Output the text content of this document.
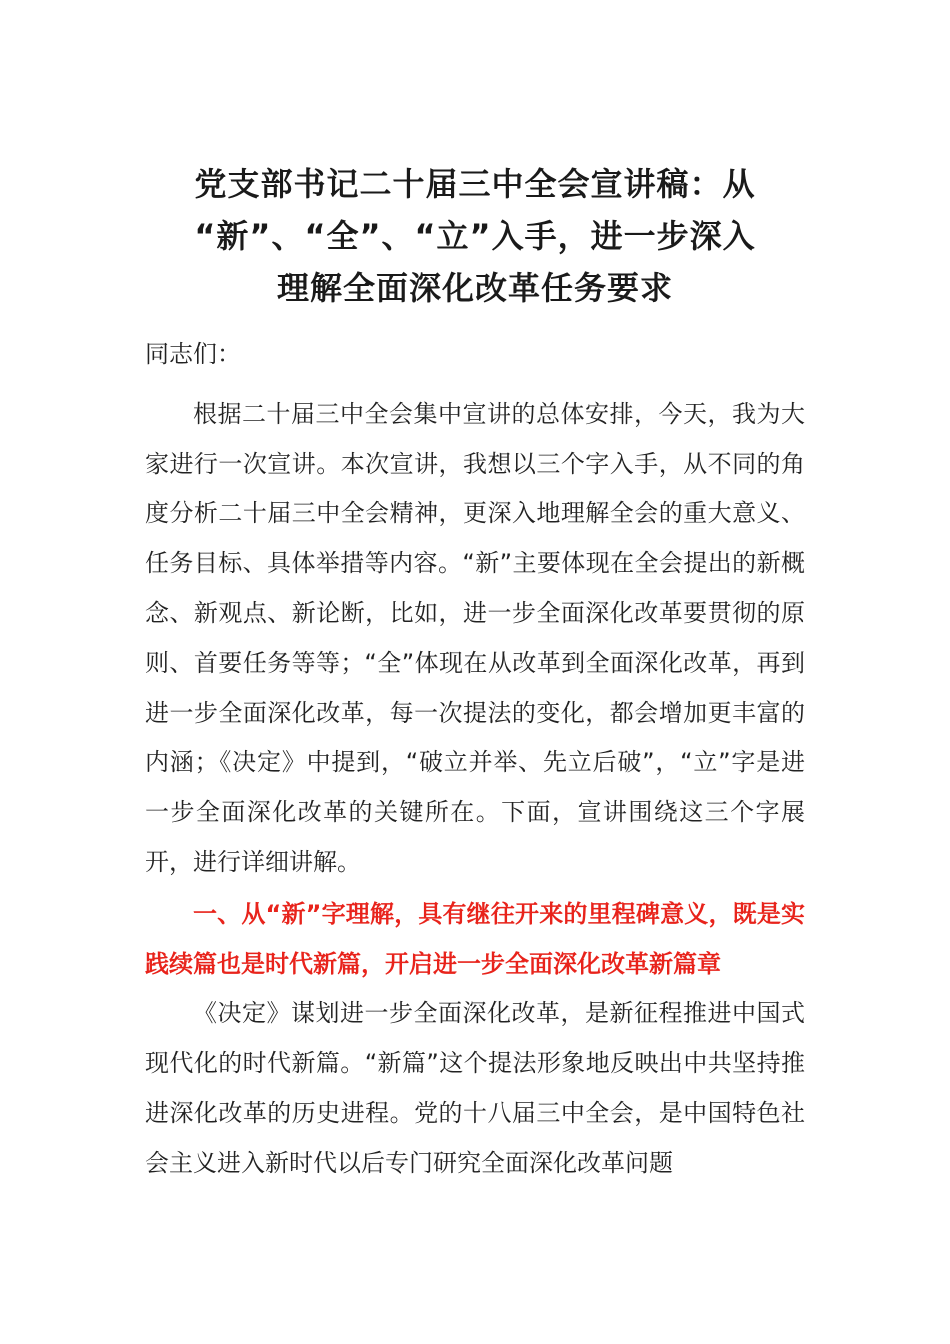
党支部书记二十届三中全会宣讲稿：从
“新”、“全”、“立”入手，进一步深入
理解全面深化改革任务要求

同志们：

根据二十届三中全会集中宣讲的总体安排，今天，我为大家进行一次宣讲。本次宣讲，我想以三个字入手，从不同的角度分析二十届三中全会精神，更深入地理解全会的重大意义、任务目标、具体举措等内容。“新”主要体现在全会提出的新概念、新观点、新论断，比如，进一步全面深化改革要贯彻的原则、首要任务等等；“全”体现在从改革到全面深化改革，再到进一步全面深化改革，每一次提法的变化，都会增加更丰富的内涵；《决定》中提到，“破立并举、先立后破”，“立”字是进一步全面深化改革的关键所在。下面，宣讲围绕这三个字展开，进行详细讲解。

一、从“新”字理解，具有继往开来的里程碑意义，既是实践续篇也是时代新篇，开启进一步全面深化改革新篇章

《决定》谋划进一步全面深化改革，是新征程推进中国式现代化的时代新篇。“新篇”这个提法形象地反映出中共坚持推进深化改革的历史进程。党的十八届三中全会，是中国特色社会主义进入新时代以后专门研究全面深化改革问题
